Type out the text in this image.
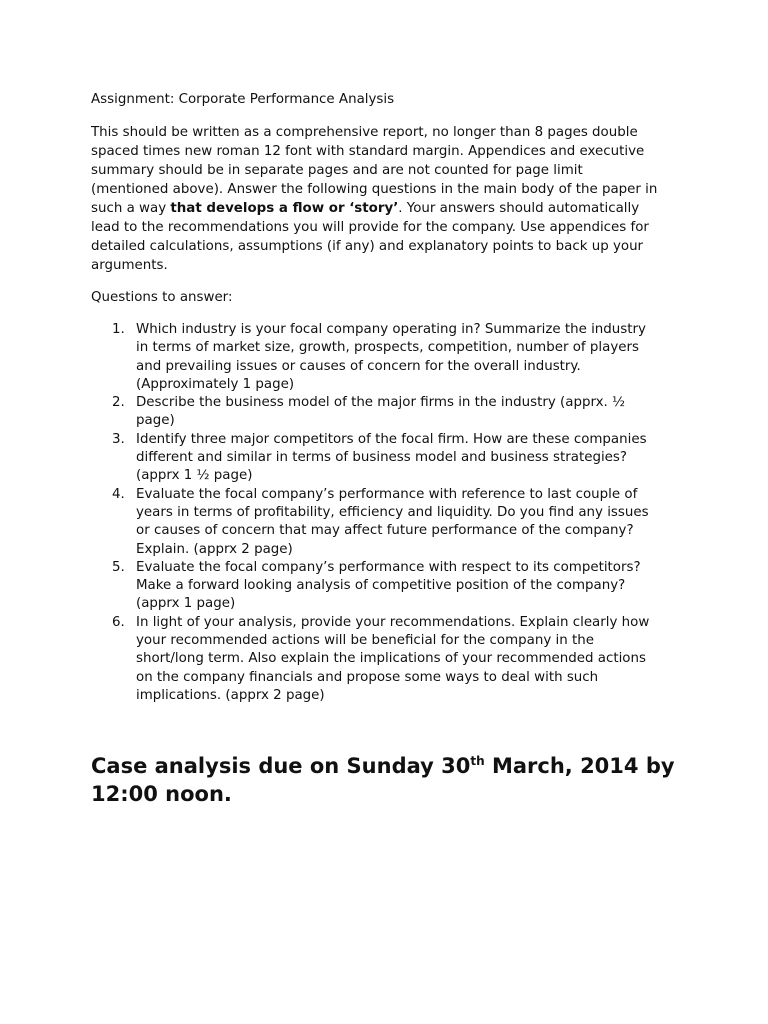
Assignment: Corporate Performance Analysis

This should be written as a comprehensive report, no longer than 8 pages double
spaced times new roman 12 font with standard margin. Appendices and executive
summary should be in separate pages and are not counted for page limit
(mentioned above). Answer the following questions in the main body of the paper in
such a way that develops a flow or ‘story’. Your answers should automatically
lead to the recommendations you will provide for the company. Use appendices for
detailed calculations, assumptions (if any) and explanatory points to back up your
arguments.

Questions to answer:

1. Which industry is your focal company operating in? Summarize the industry
in terms of market size, growth, prospects, competition, number of players
and prevailing issues or causes of concern for the overall industry.
(Approximately 1 page)
2. Describe the business model of the major firms in the industry (apprx. ½
page)
3. Identify three major competitors of the focal firm. How are these companies
different and similar in terms of business model and business strategies?
(apprx 1 ½ page)
4. Evaluate the focal company’s performance with reference to last couple of
years in terms of profitability, efficiency and liquidity. Do you find any issues
or causes of concern that may affect future performance of the company?
Explain. (apprx 2 page)
5. Evaluate the focal company’s performance with respect to its competitors?
Make a forward looking analysis of competitive position of the company?
(apprx 1 page)
6. In light of your analysis, provide your recommendations. Explain clearly how
your recommended actions will be beneficial for the company in the
short/long term. Also explain the implications of your recommended actions
on the company financials and propose some ways to deal with such
implications. (apprx 2 page)

Case analysis due on Sunday 30th March, 2014 by
12:00 noon.
